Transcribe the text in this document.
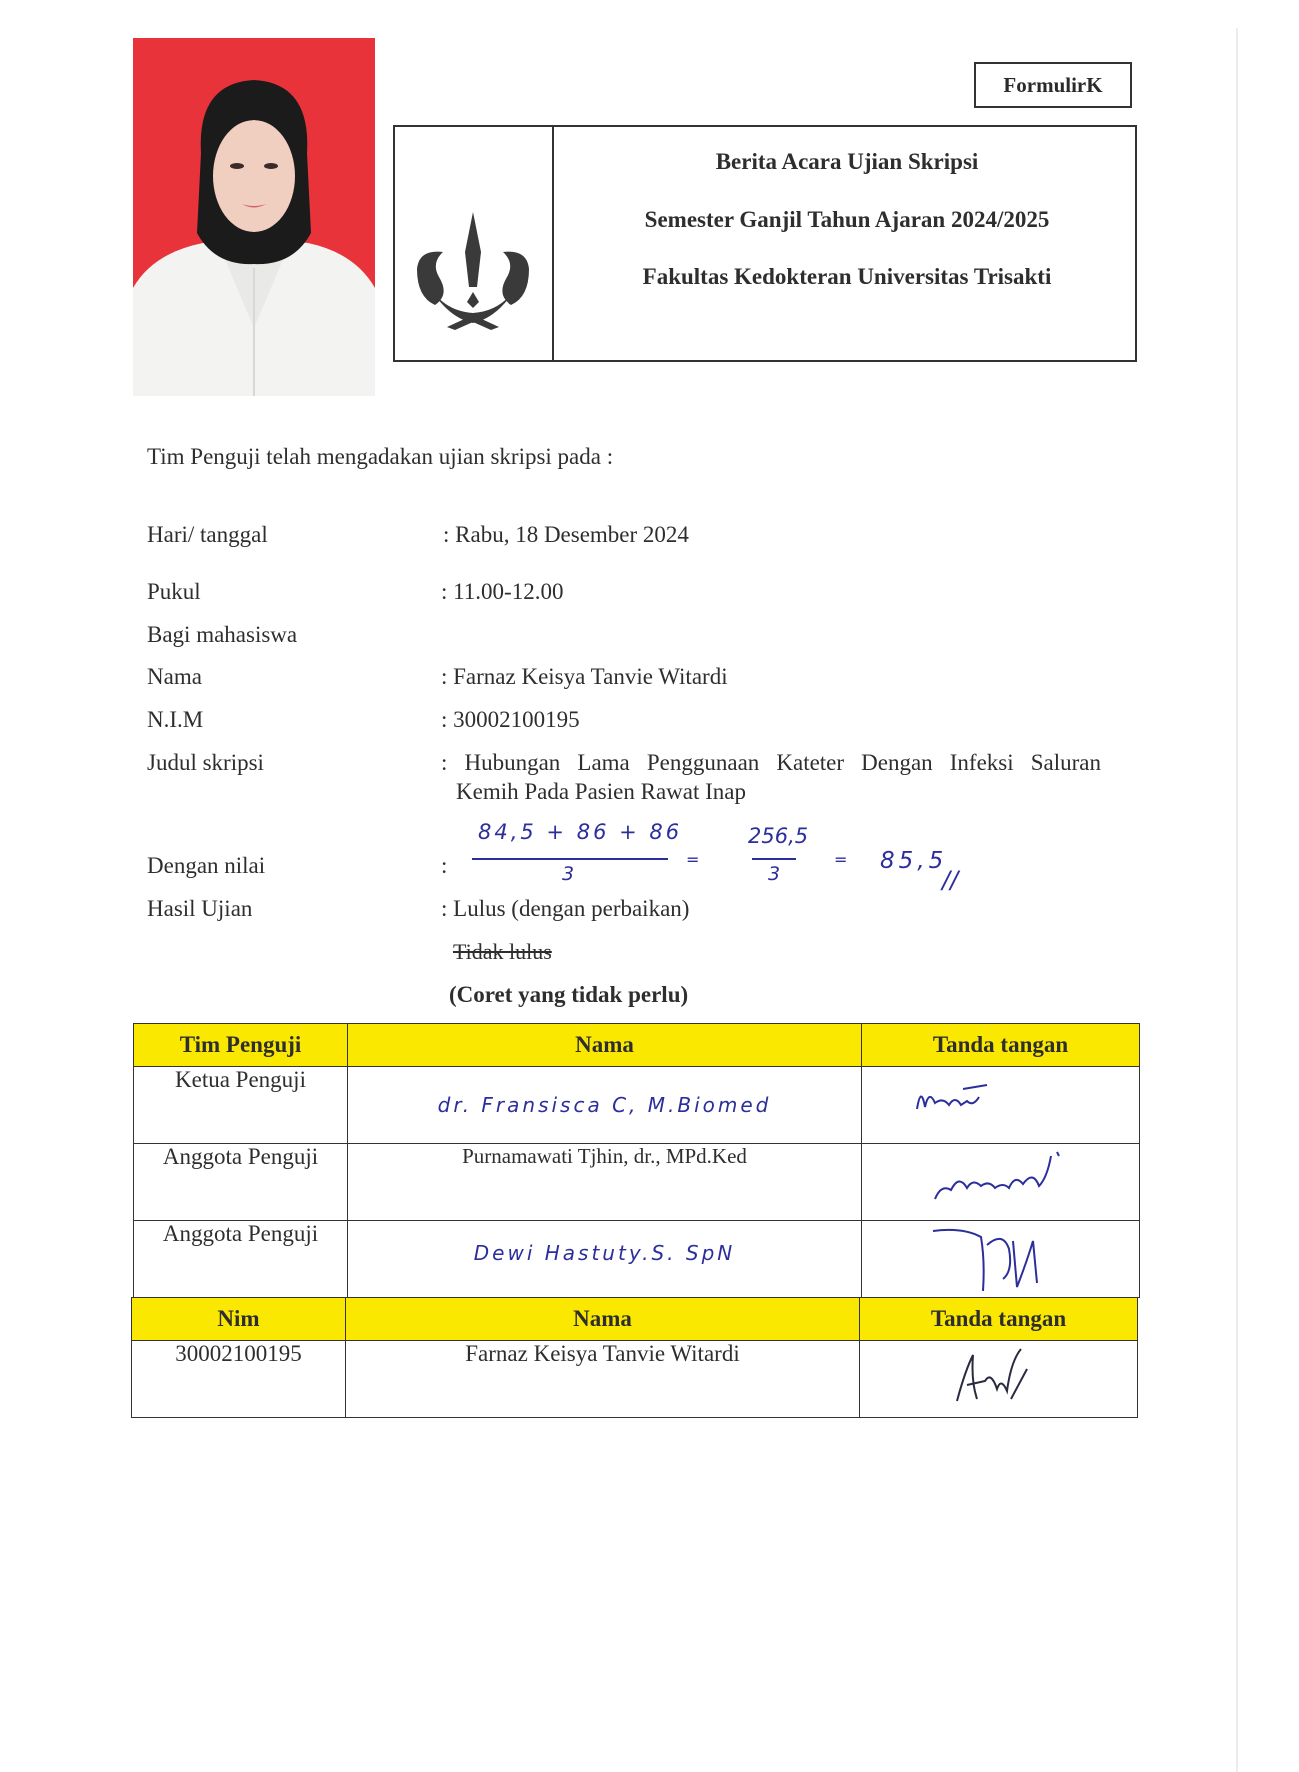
FormulirK
Berita Acara Ujian Skripsi
Semester Ganjil Tahun Ajaran 2024/2025
Fakultas Kedokteran Universitas Trisakti
Tim Penguji telah mengadakan ujian skripsi pada :
Hari/ tanggal	: Rabu, 18 Desember 2024
Pukul	: 11.00-12.00
Bagi mahasiswa
Nama	: Farnaz Keisya Tanvie Witardi
N.I.M	: 30002100195
Judul skripsi	: Hubungan Lama Penggunaan Kateter Dengan Infeksi Saluran
Kemih Pada Pasien Rawat Inap
Dengan nilai	:
84,5 + 86 + 86
3
=
256,5
3
= 85,5
//
Hasil Ujian	: Lulus (dengan perbaikan)
Tidak lulus
(Coret yang tidak perlu)
Tim Penguji	Nama	Tanda tangan
Ketua Penguji	dr. Fransisca C, M.Biomed

Anggota Penguji	Purnamawati Tjhin, dr., MPd.Ked	
Anggota Penguji	Dewi Hastuty.S. SpN

Nim	Nama	Tanda tangan
30002100195	Farnaz Keisya Tanvie Witardi	
